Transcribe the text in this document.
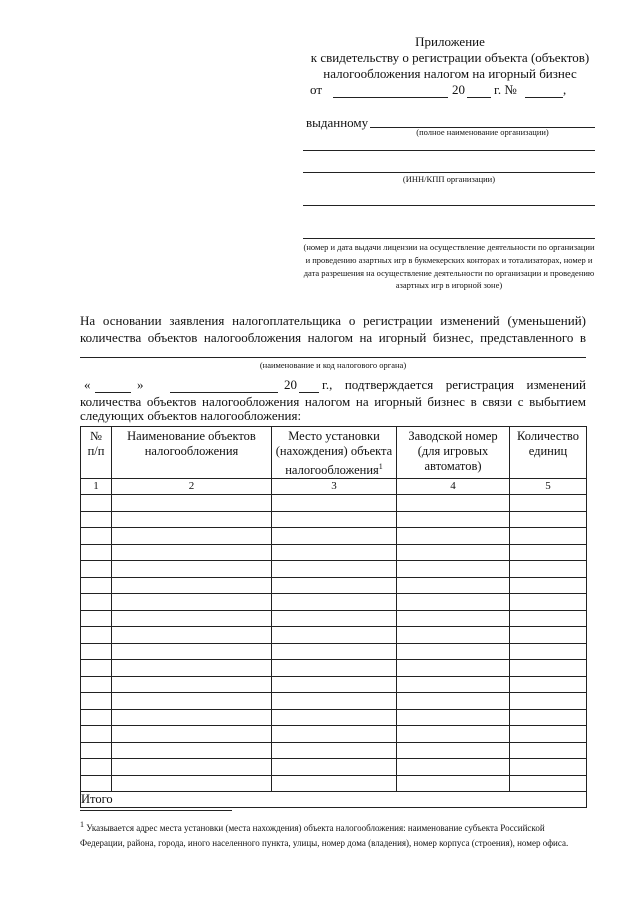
Приложение
к свидетельству о регистрации объекта (объектов)
налогообложения налогом на игорный бизнес
от	20 г. №	,
выданному
(полное наименование организации)
(ИНН/КПП организации)
(номер и дата выдачи лицензии на осуществление деятельности по организации и проведению азартных игр в букмекерских конторах и тотализаторах, номер и дата разрешения на осуществление деятельности по организации и проведению азартных игр в игорной зоне)
На основании заявления налогоплательщика о регистрации изменений (уменьшений)
количества объектов налогообложения налогом на игорный бизнес, представленного в
(наименование и код налогового органа)
«	»	20 г., подтверждается регистрация изменений
количества объектов налогообложения налогом на игорный бизнес в связи с выбытием
следующих объектов налогообложения:
№ п/п	Наименование объектов налогообложения	Место установки (нахождения) объекта налогообложения$^1$	Заводской номер (для игровых автоматов)	Количество единиц
1	2	3	4	5

Итого				
$^1$ Указывается адрес места установки (места нахождения) объекта налогообложения: наименование субъекта Российской Федерации, района, города, иного населенного пункта, улицы, номер дома (владения), номер корпуса (строения), номер офиса.
